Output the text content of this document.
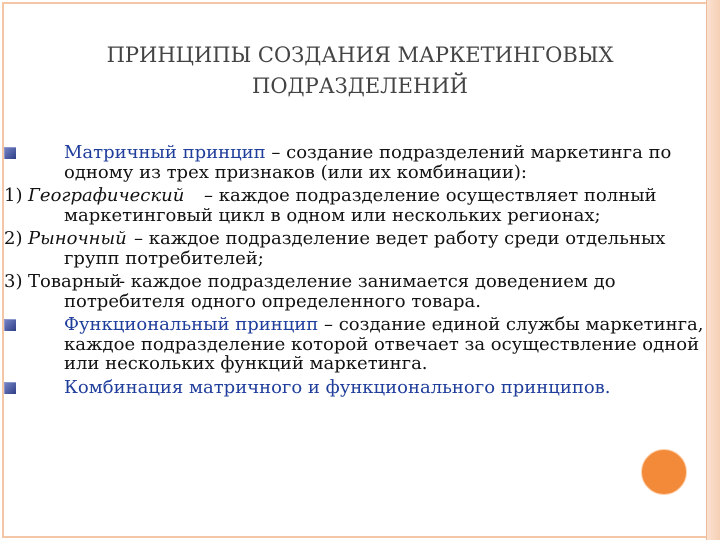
ПРИНЦИПЫ СОЗДАНИЯ МАРКЕТИНГОВЫХ
ПОДРАЗДЕЛЕНИЙ
Матричный принцип – создание подразделений маркетинга по одному из трех признаков (или их комбинации):
1) Географический	– каждое подразделение осуществляет полный маркетинговый цикл в одном или нескольких регионах;
2) Рыночный – каждое подразделение ведет работу среди отдельных групп потребителей;
3) Товарный
- каждое подразделение занимается доведением до потребителя одного определенного товара.
Функциональный принцип – создание единой службы маркетинга, каждое подразделение которой отвечает за осуществление одной или нескольких функций маркетинга.
Комбинация матричного и функционального принципов.
